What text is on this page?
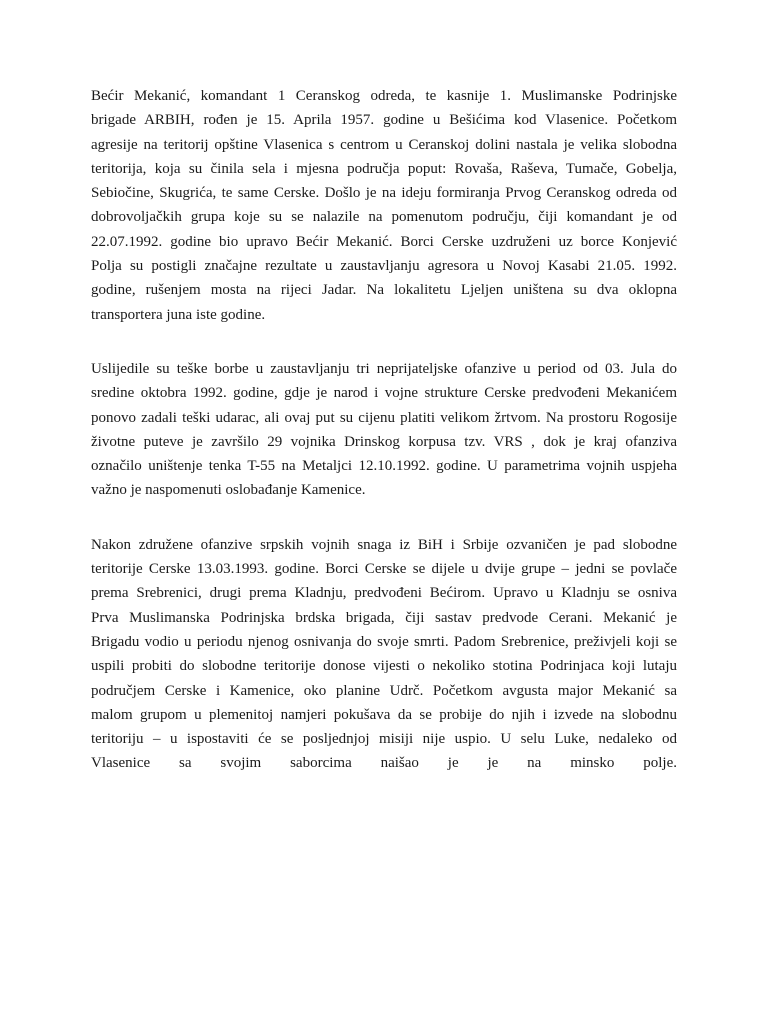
Bećir Mekanić, komandant 1 Ceranskog odreda, te kasnije 1. Muslimanske Podrinjske
brigade ARBIH, rođen je 15. Aprila 1957. godine u Bešićima kod Vlasenice. Početkom
agresije na teritorij opštine Vlasenica s centrom u Ceranskoj dolini nastala je velika slobodna
teritorija, koja su činila sela i mjesna područja poput: Rovaša, Raševa, Tumače, Gobelja,
Sebiočine, Skugrića, te same Cerske. Došlo je na ideju formiranja Prvog Ceranskog odreda od
dobrovoljačkih grupa koje su se nalazile na pomenutom području, čiji komandant je od
22.07.1992. godine bio upravo Bećir Mekanić. Borci Cerske uzdruženi uz borce Konjević
Polja su postigli značajne rezultate u zaustavljanju agresora u Novoj Kasabi 21.05. 1992.
godine, rušenjem mosta na rijeci Jadar. Na lokalitetu Ljeljen uništena su dva oklopna
transportera juna iste godine.
Uslijedile su teške borbe u zaustavljanju tri neprijateljske ofanzive u period od 03. Jula do
sredine oktobra 1992. godine, gdje je narod i vojne strukture Cerske predvođeni Mekanićem
ponovo zadali teški udarac, ali ovaj put su cijenu platiti velikom žrtvom. Na prostoru Rogosije
životne puteve je završilo 29 vojnika Drinskog korpusa tzv. VRS , dok je kraj ofanziva
označilo uništenje tenka T-55 na Metaljci 12.10.1992. godine. U parametrima vojnih uspjeha
važno je naspomenuti oslobađanje Kamenice.
Nakon združene ofanzive srpskih vojnih snaga iz BiH i Srbije ozvaničen je pad slobodne
teritorije Cerske 13.03.1993. godine. Borci Cerske se dijele u dvije grupe – jedni se povlače
prema Srebrenici, drugi prema Kladnju, predvođeni Bećirom. Upravo u Kladnju se osniva
Prva Muslimanska Podrinjska brdska brigada, čiji sastav predvode Cerani. Mekanić je
Brigadu vodio u periodu njenog osnivanja do svoje smrti. Padom Srebrenice, preživjeli koji se
uspili probiti do slobodne teritorije donose vijesti o nekoliko stotina Podrinjaca koji lutaju
područjem Cerske i Kamenice, oko planine Udrč. Početkom avgusta major Mekanić sa
malom grupom u plemenitoj namjeri pokušava da se probije do njih i izvede na slobodnu
teritoriju – u ispostaviti će se posljednjoj misiji nije uspio. U selu Luke, nedaleko od
Vlasenice sa svojim saborcima naišao je je na minsko polje.
